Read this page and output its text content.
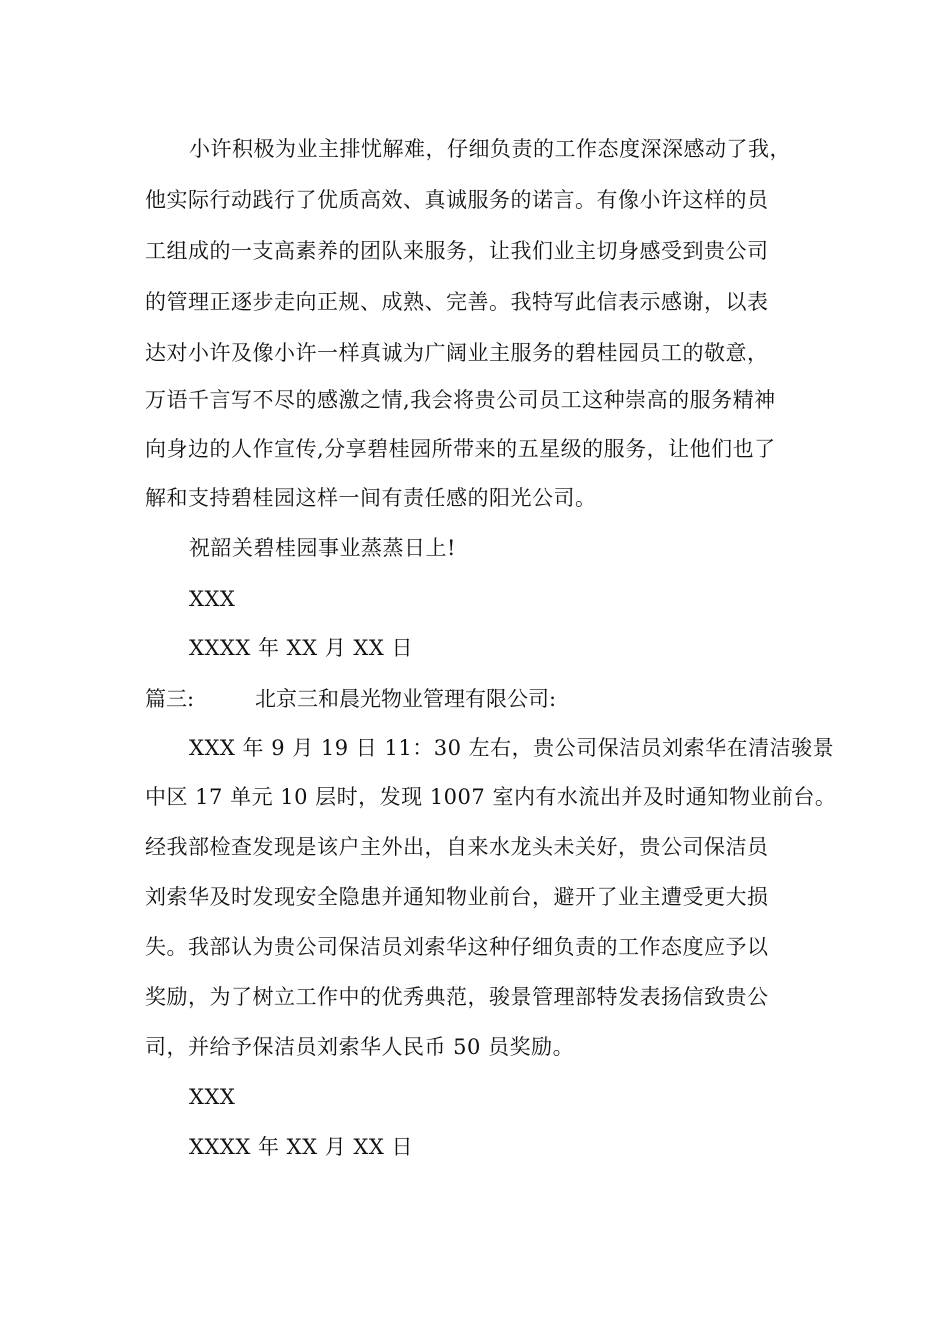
小许积极为业主排忧解难，仔细负责的工作态度深深感动了我，
他实际行动践行了优质高效、真诚服务的诺言。有像小许这样的员
工组成的一支高素养的团队来服务，让我们业主切身感受到贵公司
的管理正逐步走向正规、成熟、完善。我特写此信表示感谢，以表
达对小许及像小许一样真诚为广阔业主服务的碧桂园员工的敬意，
万语千言写不尽的感激之情,我会将贵公司员工这种崇高的服务精神
向身边的人作宣传,分享碧桂园所带来的五星级的服务，让他们也了
解和支持碧桂园这样一间有责任感的阳光公司。
祝韶关碧桂园事业蒸蒸日上!
XXX
XXXX 年 XX 月 XX 日
篇三:	北京三和晨光物业管理有限公司:
XXX 年 9 月 19 日 11：30 左右，贵公司保洁员刘索华在清洁骏景
中区 17 单元 10 层时，发现 1007 室内有水流出并及时通知物业前台。
经我部检查发现是该户主外出，自来水龙头未关好，贵公司保洁员
刘索华及时发现安全隐患并通知物业前台，避开了业主遭受更大损
失。我部认为贵公司保洁员刘索华这种仔细负责的工作态度应予以
奖励，为了树立工作中的优秀典范，骏景管理部特发表扬信致贵公
司，并给予保洁员刘索华人民币 50 员奖励。
XXX
XXXX 年 XX 月 XX 日
